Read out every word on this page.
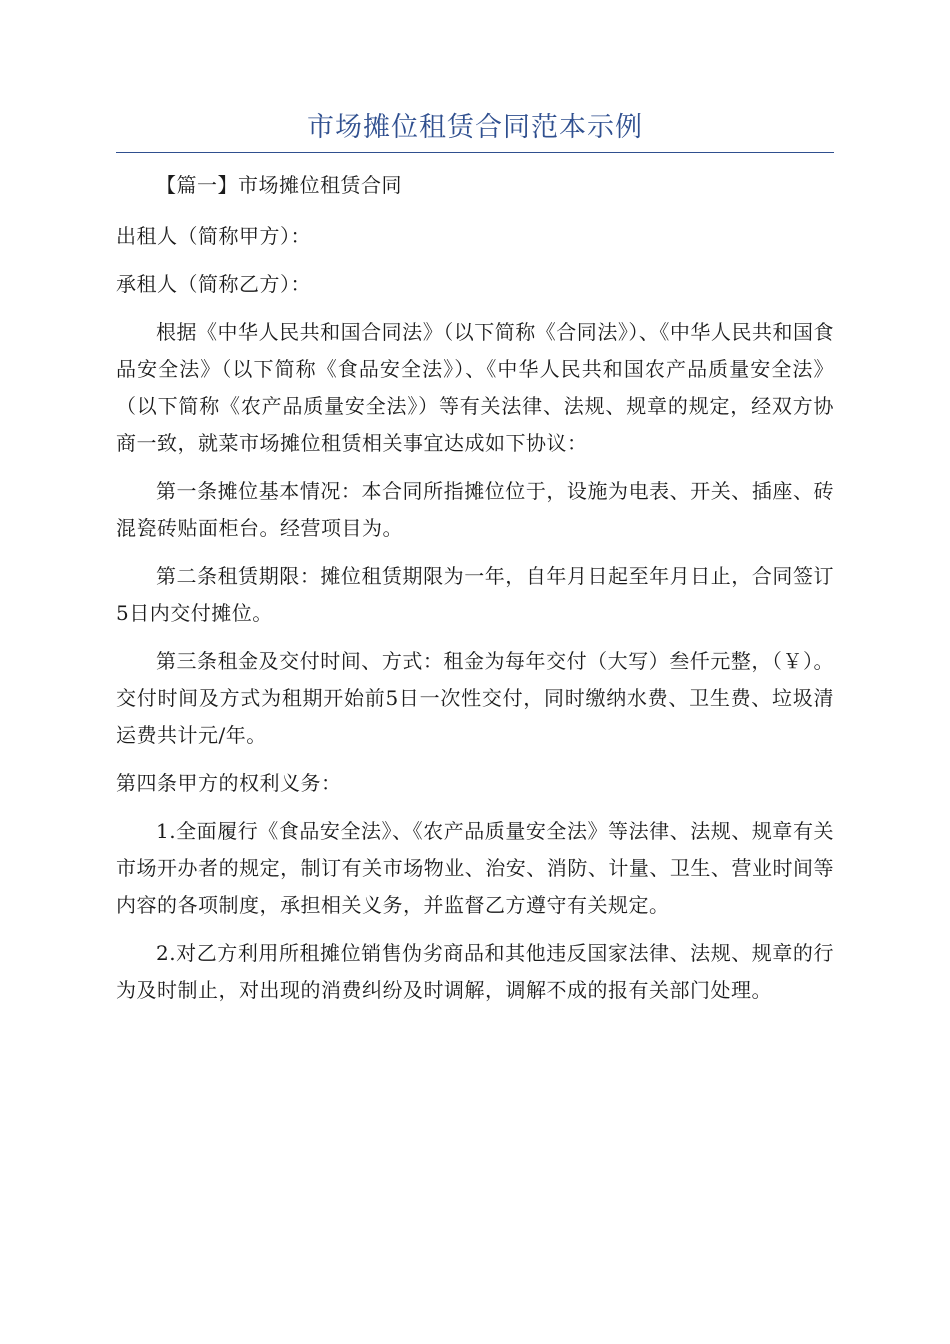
市场摊位租赁合同范本示例

【篇一】市场摊位租赁合同

出租人（简称甲方）：

承租人（简称乙方）：

根据《中华人民共和国合同法》（以下简称《合同法》）、《中华人民共和国食品安全法》（以下简称《食品安全法》）、《中华人民共和国农产品质量安全法》（以下简称《农产品质量安全法》）等有关法律、法规、规章的规定，经双方协商一致，就菜市场摊位租赁相关事宜达成如下协议：

第一条摊位基本情况：本合同所指摊位位于，设施为电表、开关、插座、砖混瓷砖贴面柜台。经营项目为。

第二条租赁期限：摊位租赁期限为一年，自年月日起至年月日止，合同签订5日内交付摊位。

第三条租金及交付时间、方式：租金为每年交付（大写）叁仟元整，（￥）。交付时间及方式为租期开始前5日一次性交付，同时缴纳水费、卫生费、垃圾清运费共计元/年。

第四条甲方的权利义务：

1.全面履行《食品安全法》、《农产品质量安全法》等法律、法规、规章有关市场开办者的规定，制订有关市场物业、治安、消防、计量、卫生、营业时间等内容的各项制度，承担相关义务，并监督乙方遵守有关规定。

2.对乙方利用所租摊位销售伪劣商品和其他违反国家法律、法规、规章的行为及时制止，对出现的消费纠纷及时调解，调解不成的报有关部门处理。
